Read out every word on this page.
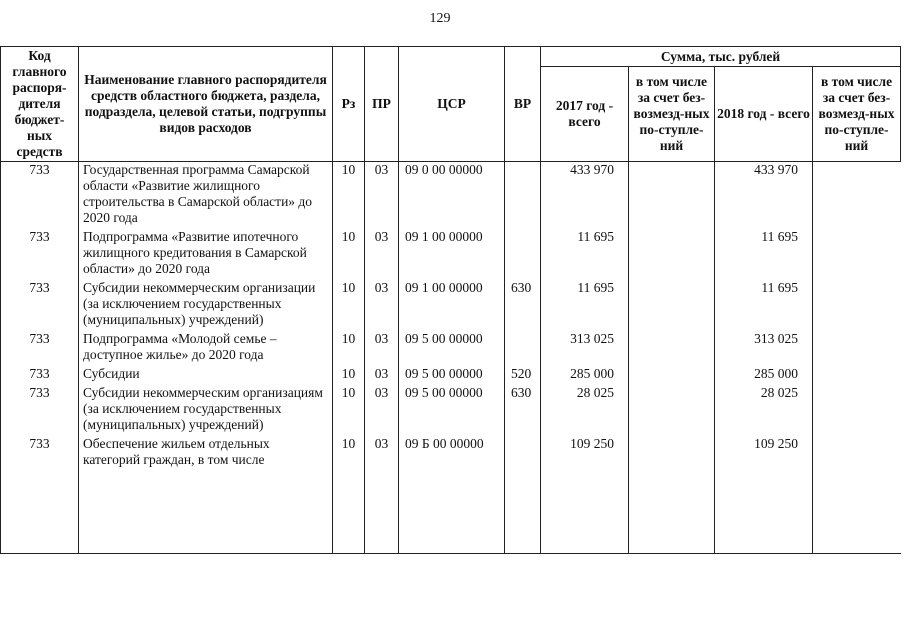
129
Код главного распоря-дителя бюджет-ных средств	Наименование главного распорядителя средств областного бюджета, раздела, подраздела, целевой статьи, подгруппы видов расходов	Рз	ПР	ЦСР	ВР	Сумма, тыс. рублей			
						2017 год - всего	в том числе за счет без-возмезд-ных по-ступле-ний	2018 год - всего	в том числе за счет без-возмезд-ных по-ступле-ний
733	Государственная программа Самарской области «Развитие жилищного строительства в Самарской области» до 2020 года	10	03	09 0 00 00000		433 970		433 970	
733	Подпрограмма «Развитие ипотечного жилищного кредитования в Самарской области» до 2020 года	10	03	09 1 00 00000		11 695		11 695	
733	Субсидии некоммерческим организации (за исключением государственных (муниципальных) учреждений)	10	03	09 1 00 00000	630	11 695		11 695	
733	Подпрограмма «Молодой семье – доступное жилье» до 2020 года	10	03	09 5 00 00000		313 025		313 025	
733	Субсидии	10	03	09 5 00 00000	520	285 000		285 000	
733	Субсидии некоммерческим организациям (за исключением государственных (муниципальных) учреждений)	10	03	09 5 00 00000	630	28 025		28 025	
733	Обеспечение жильем отдельных категорий граждан, в том числе	10	03	09 Б 00 00000		109 250		109 250	
